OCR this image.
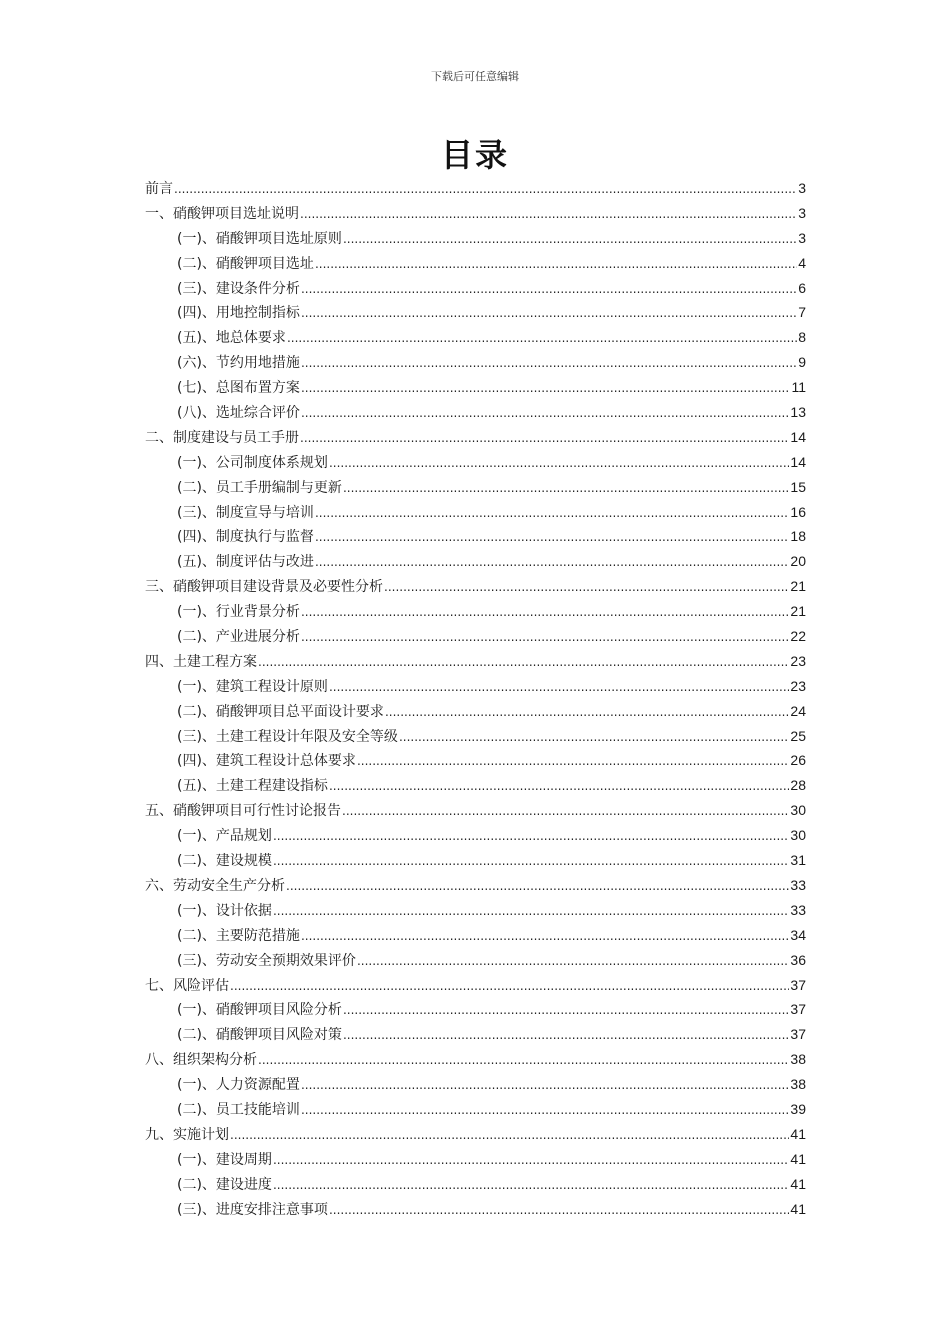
下载后可任意编辑
目录
前言 .....	3
一、硝酸钾项目选址说明 .....	3
(一)、硝酸钾项目选址原则 .....	3
(二)、硝酸钾项目选址 .....	4
(三)、建设条件分析 .....	6
(四)、用地控制指标 .....	7
(五)、地总体要求 .....	8
(六)、节约用地措施 .....	9
(七)、总图布置方案 .....	11
(八)、选址综合评价 .....	13
二、制度建设与员工手册 .....	14
(一)、公司制度体系规划 .....	14
(二)、员工手册编制与更新 .....	15
(三)、制度宣导与培训 .....	16
(四)、制度执行与监督 .....	18
(五)、制度评估与改进 .....	20
三、硝酸钾项目建设背景及必要性分析 .....	21
(一)、行业背景分析 .....	21
(二)、产业进展分析 .....	22
四、土建工程方案 .....	23
(一)、建筑工程设计原则 .....	23
(二)、硝酸钾项目总平面设计要求 .....	24
(三)、土建工程设计年限及安全等级 .....	25
(四)、建筑工程设计总体要求 .....	26
(五)、土建工程建设指标 .....	28
五、硝酸钾项目可行性讨论报告 .....	30
(一)、产品规划 .....	30
(二)、建设规模 .....	31
六、劳动安全生产分析 .....	33
(一)、设计依据 .....	33
(二)、主要防范措施 .....	34
(三)、劳动安全预期效果评价 .....	36
七、风险评估 .....	37
(一)、硝酸钾项目风险分析 .....	37
(二)、硝酸钾项目风险对策 .....	37
八、组织架构分析 .....	38
(一)、人力资源配置 .....	38
(二)、员工技能培训 .....	39
九、实施计划 .....	41
(一)、建设周期 .....	41
(二)、建设进度 .....	41
(三)、进度安排注意事项 .....	41
